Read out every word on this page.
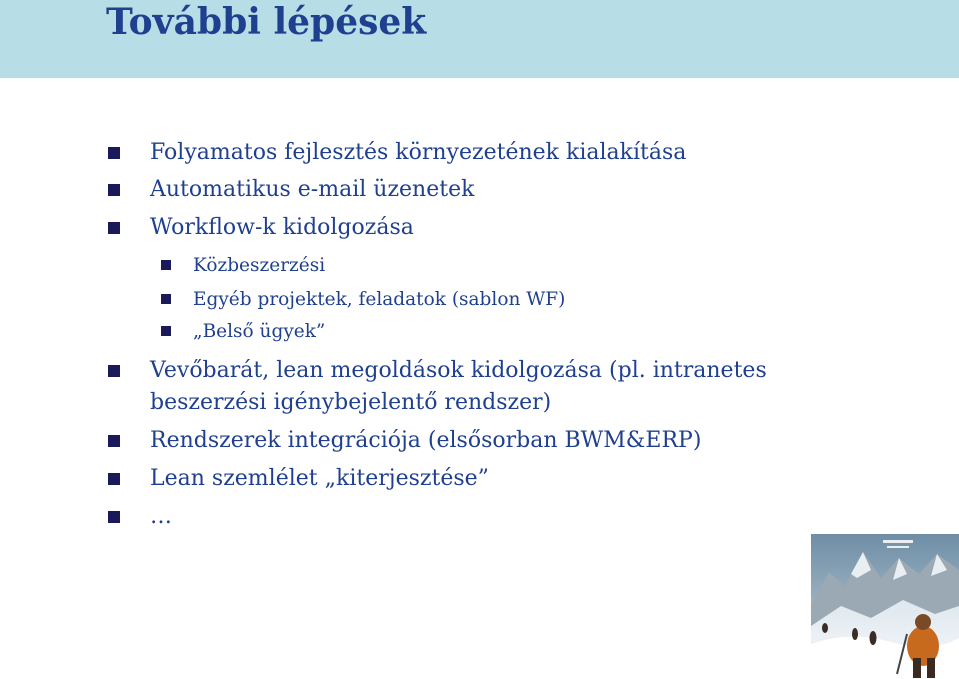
További lépések
Folyamatos fejlesztés környezetének kialakítása
Automatikus e-mail üzenetek
Workflow-k kidolgozása
Közbeszerzési
Egyéb projektek, feladatok (sablon WF)
„Belső ügyek”
Vevőbarát, lean megoldások kidolgozása (pl. intranetes
beszerzési igénybejelentő rendszer)
Rendszerek integrációja (elsősorban BWM&ERP)
Lean szemlélet „kiterjesztése”
…
